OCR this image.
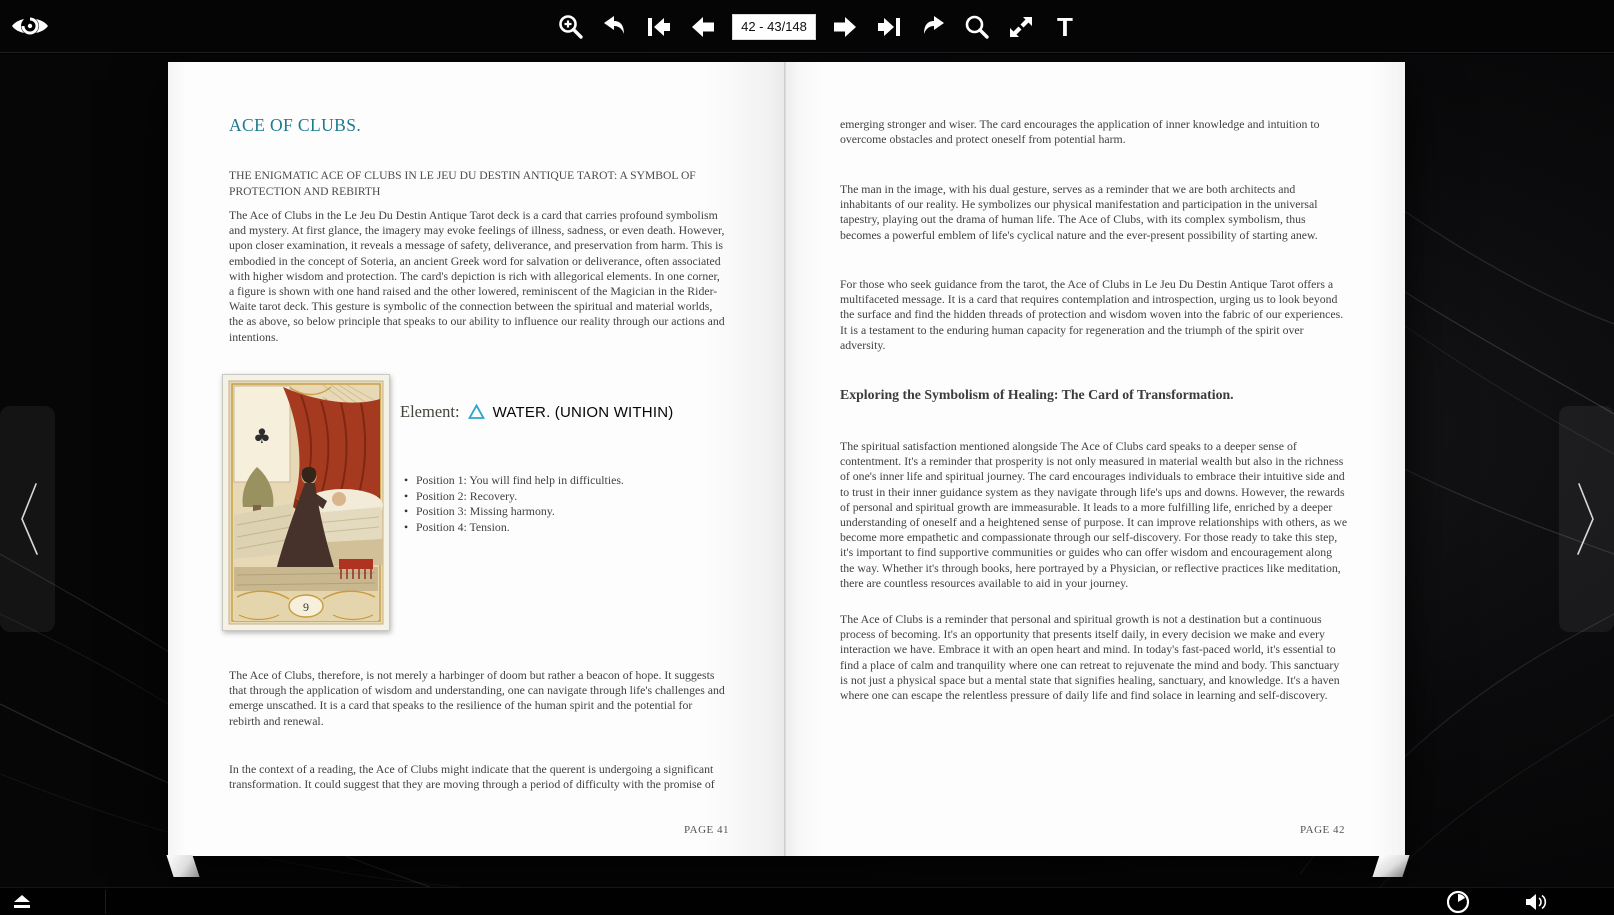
42 - 43/148
T
ACE OF CLUBS.
THE ENIGMATIC ACE OF CLUBS IN LE JEU DU DESTIN ANTIQUE TAROT: A SYMBOL OF PROTECTION AND REBIRTH
The Ace of Clubs in the Le Jeu Du Destin Antique Tarot deck is a card that carries profound symbolism and mystery. At first glance, the imagery may evoke feelings of illness, sadness, or even death. However, upon closer examination, it reveals a message of safety, deliverance, and preservation from harm. This is embodied in the concept of Soteria, an ancient Greek word for salvation or deliverance, often associated with higher wisdom and protection. The card's depiction is rich with allegorical elements. In one corner, a figure is shown with one hand raised and the other lowered, reminiscent of the Magician in the Rider-Waite tarot deck. This gesture is symbolic of the connection between the spiritual and material worlds, the as above, so below principle that speaks to our ability to influence our reality through our actions and intentions.
♣
9
Element: WATER. (UNION WITHIN)
• Position 1: You will find help in difficulties.
• Position 2: Recovery.
• Position 3: Missing harmony.
• Position 4: Tension.
The Ace of Clubs, therefore, is not merely a harbinger of doom but rather a beacon of hope. It suggests that through the application of wisdom and understanding, one can navigate through life's challenges and emerge unscathed. It is a card that speaks to the resilience of the human spirit and the potential for rebirth and renewal.
In the context of a reading, the Ace of Clubs might indicate that the querent is undergoing a significant transformation. It could suggest that they are moving through a period of difficulty with the promise of
PAGE 41
emerging stronger and wiser. The card encourages the application of inner knowledge and intuition to overcome obstacles and protect oneself from potential harm.
The man in the image, with his dual gesture, serves as a reminder that we are both architects and inhabitants of our reality. He symbolizes our physical manifestation and participation in the universal tapestry, playing out the drama of human life. The Ace of Clubs, with its complex symbolism, thus becomes a powerful emblem of life's cyclical nature and the ever-present possibility of starting anew.
For those who seek guidance from the tarot, the Ace of Clubs in Le Jeu Du Destin Antique Tarot offers a multifaceted message. It is a card that requires contemplation and introspection, urging us to look beyond the surface and find the hidden threads of protection and wisdom woven into the fabric of our experiences. It is a testament to the enduring human capacity for regeneration and the triumph of the spirit over adversity.
Exploring the Symbolism of Healing: The Card of Transformation.
The spiritual satisfaction mentioned alongside The Ace of Clubs card speaks to a deeper sense of contentment. It's a reminder that prosperity is not only measured in material wealth but also in the richness of one's inner life and spiritual journey. The card encourages individuals to embrace their intuitive side and to trust in their inner guidance system as they navigate through life's ups and downs. However, the rewards of personal and spiritual growth are immeasurable. It leads to a more fulfilling life, enriched by a deeper understanding of oneself and a heightened sense of purpose. It can improve relationships with others, as we become more empathetic and compassionate through our self-discovery. For those ready to take this step, it's important to find supportive communities or guides who can offer wisdom and encouragement along the way. Whether it's through books, here portrayed by a Physician, or reflective practices like meditation, there are countless resources available to aid in your journey.
The Ace of Clubs is a reminder that personal and spiritual growth is not a destination but a continuous process of becoming. It's an opportunity that presents itself daily, in every decision we make and every interaction we have. Embrace it with an open heart and mind. In today's fast-paced world, it's essential to find a place of calm and tranquility where one can retreat to rejuvenate the mind and body. This sanctuary is not just a physical space but a mental state that signifies healing, sanctuary, and knowledge. It's a haven where one can escape the relentless pressure of daily life and find solace in learning and self-discovery.
PAGE 42
